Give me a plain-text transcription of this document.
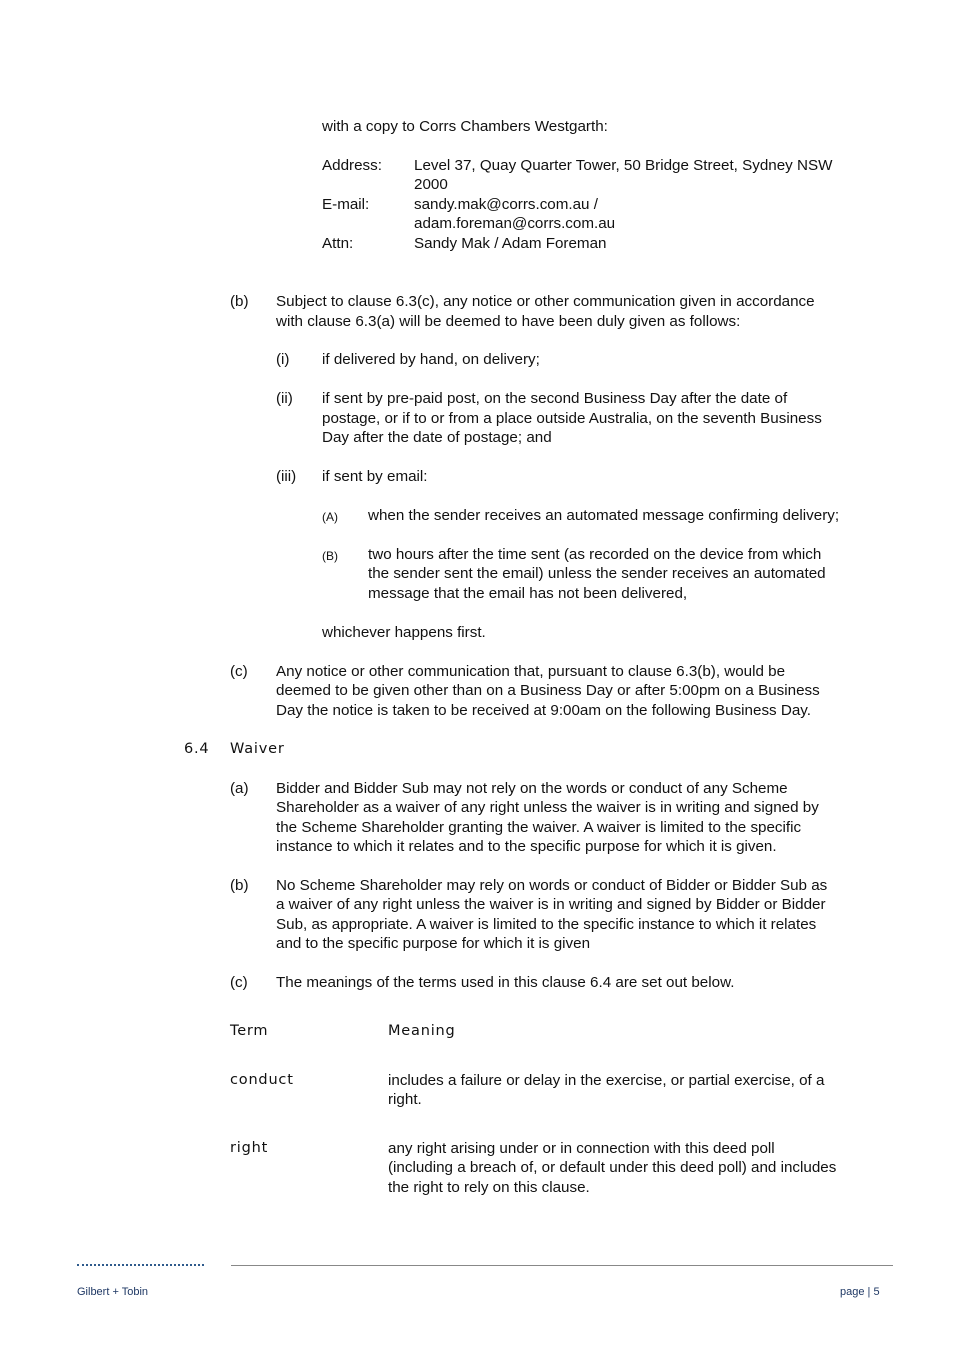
with a copy to Corrs Chambers Westgarth:
Address: Level 37, Quay Quarter Tower, 50 Bridge Street, Sydney NSW
2000
E-mail:	sandy.mak@corrs.com.au /
adam.foreman@corrs.com.au
Attn:	Sandy Mak / Adam Foreman
(b) Subject to clause 6.3(c), any notice or other communication given in accordance
with clause 6.3(a) will be deemed to have been duly given as follows:
(i) if delivered by hand, on delivery;
(ii) if sent by pre-paid post, on the second Business Day after the date of
postage, or if to or from a place outside Australia, on the seventh Business
Day after the date of postage; and
(iii) if sent by email:
(A) when the sender receives an automated message confirming delivery;
(B) two hours after the time sent (as recorded on the device from which
the sender sent the email) unless the sender receives an automated
message that the email has not been delivered,
whichever happens first.
(c) Any notice or other communication that, pursuant to clause 6.3(b), would be
deemed to be given other than on a Business Day or after 5:00pm on a Business
Day the notice is taken to be received at 9:00am on the following Business Day.
6.4 Waiver
(a) Bidder and Bidder Sub may not rely on the words or conduct of any Scheme
Shareholder as a waiver of any right unless the waiver is in writing and signed by
the Scheme Shareholder granting the waiver. A waiver is limited to the specific
instance to which it relates and to the specific purpose for which it is given.
(b) No Scheme Shareholder may rely on words or conduct of Bidder or Bidder Sub as
a waiver of any right unless the waiver is in writing and signed by Bidder or Bidder
Sub, as appropriate. A waiver is limited to the specific instance to which it relates
and to the specific purpose for which it is given
(c) The meanings of the terms used in this clause 6.4 are set out below.
Term	Meaning
conduct	includes a failure or delay in the exercise, or partial exercise, of a
right.
right	any right arising under or in connection with this deed poll
(including a breach of, or default under this deed poll) and includes
the right to rely on this clause.
Gilbert + Tobin	page | 5
